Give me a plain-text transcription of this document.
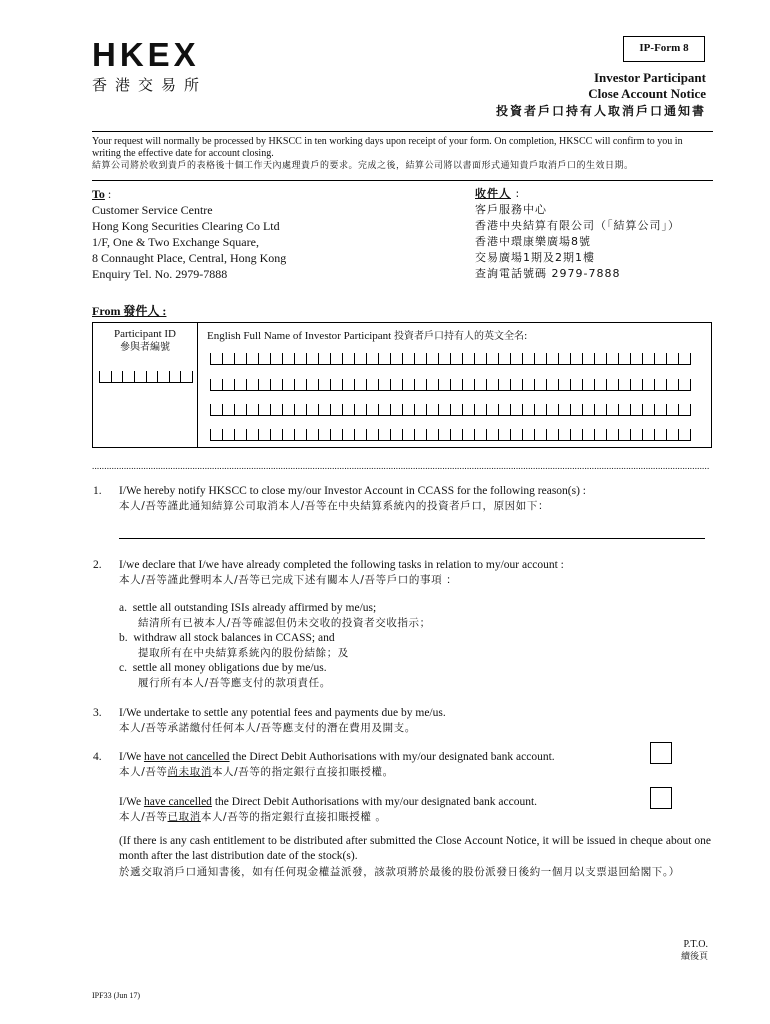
HKEX
香港交易所
IP-Form 8
Investor Participant
Close Account Notice
投資者戶口持有人取消戶口通知書
Your request will normally be processed by HKSCC in ten working days upon receipt of your form. On completion, HKSCC will confirm to you in writing the effective date for account closing.
結算公司將於收到貴戶的表格後十個工作天內處理貴戶的要求。完成之後，結算公司將以書面形式通知貴戶取消戶口的生效日期。
To :
Customer Service Centre
Hong Kong Securities Clearing Co Ltd
1/F, One & Two Exchange Square,
8 Connaught Place, Central, Hong Kong
Enquiry Tel. No. 2979-7888
收件人 :
客戶服務中心
香港中央結算有限公司（「結算公司」）
香港中環康樂廣場8號
交易廣場1期及2期1樓
查詢電話號碼 2979-7888
From 發件人 :
Participant ID
參與者編號
English Full Name of Investor Participant 投資者戶口持有人的英文全名:
............................................................................................................................................................................................................................................................
1. I/We hereby notify HKSCC to close my/our Investor Account in CCASS for the following reason(s) :
本人/吾等謹此通知結算公司取消本人/吾等在中央結算系統內的投資者戶口，原因如下：
2. I/we declare that I/we have already completed the following tasks in relation to my/our account :
本人/吾等謹此聲明本人/吾等已完成下述有關本人/吾等戶口的事項 ：
a. settle all outstanding ISIs already affirmed by me/us;
結清所有已被本人/吾等確認但仍未交收的投資者交收指示；
b. withdraw all stock balances in CCASS; and
提取所有在中央結算系統內的股份結餘；及
c. settle all money obligations due by me/us.
履行所有本人/吾等應支付的款項責任。
3. I/We undertake to settle any potential fees and payments due by me/us.
本人/吾等承諾繳付任何本人/吾等應支付的潛在費用及開支。
4. I/We have not cancelled the Direct Debit Authorisations with my/our designated bank account.
本人/吾等尚未取消本人/吾等的指定銀行直接扣賬授權。
I/We have cancelled the Direct Debit Authorisations with my/our designated bank account.
本人/吾等已取消本人/吾等的指定銀行直接扣賬授權 。
(If there is any cash entitlement to be distributed after submitted the Close Account Notice, it will be issued in cheque about one month after the last distribution date of the stock(s).
於遞交取消戶口通知書後，如有任何現金權益派發，該款項將於最後的股份派發日後約一個月以支票退回給閣下。）
P.T.O.
續後頁
IPF33 (Jun 17)
